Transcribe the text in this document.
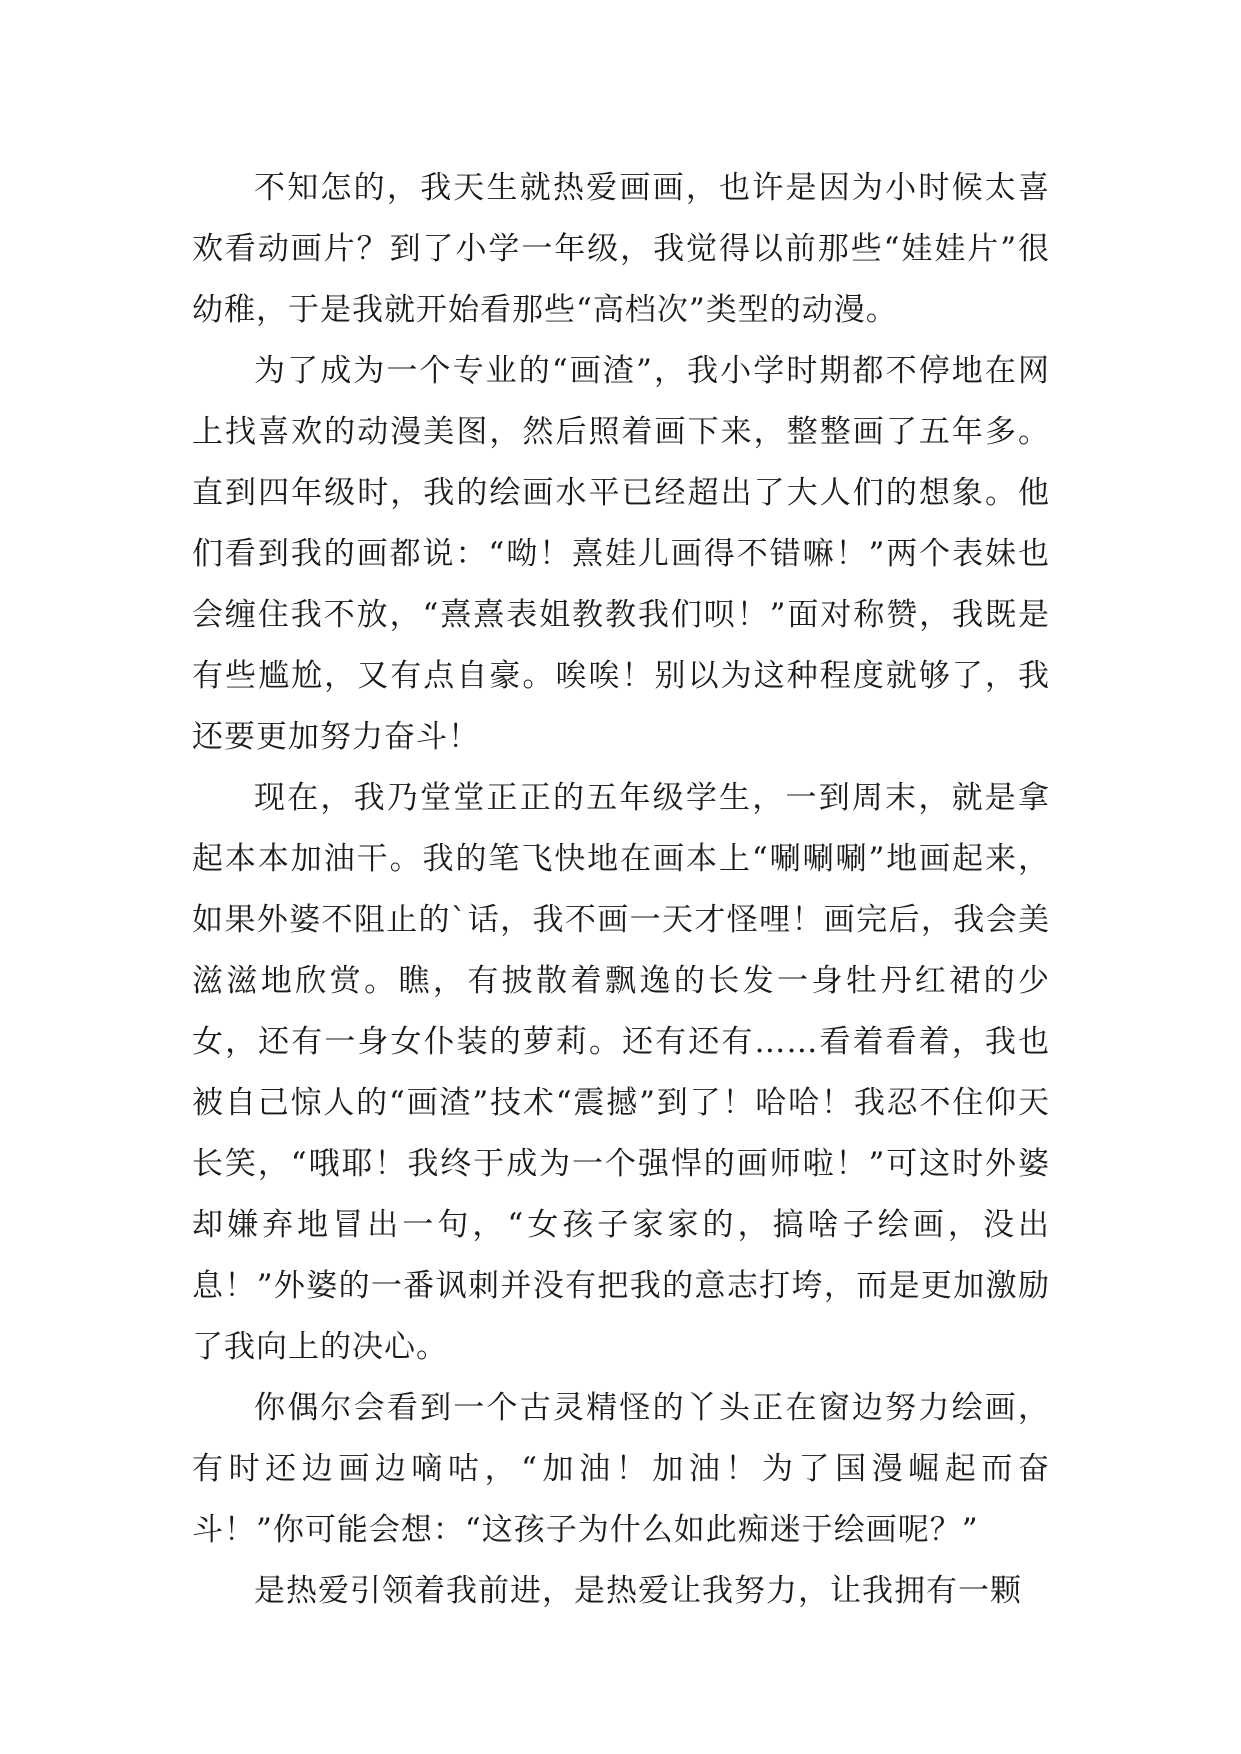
不知怎的，我天生就热爱画画，也许是因为小时候太喜欢看动画片？到了小学一年级，我觉得以前那些“娃娃片”很幼稚，于是我就开始看那些“高档次”类型的动漫。

为了成为一个专业的“画渣”，我小学时期都不停地在网上找喜欢的动漫美图，然后照着画下来，整整画了五年多。直到四年级时，我的绘画水平已经超出了大人们的想象。他们看到我的画都说：“呦！熹娃儿画得不错嘛！”两个表妹也会缠住我不放，“熹熹表姐教教我们呗！”面对称赞，我既是有些尴尬，又有点自豪。唉唉！别以为这种程度就够了，我还要更加努力奋斗！

现在，我乃堂堂正正的五年级学生，一到周末，就是拿起本本加油干。我的笔飞快地在画本上“唰唰唰”地画起来，如果外婆不阻止的`话，我不画一天才怪哩！画完后，我会美滋滋地欣赏。瞧，有披散着飘逸的长发一身牡丹红裙的少女，还有一身女仆装的萝莉。还有还有……看着看着，我也被自己惊人的“画渣”技术“震撼”到了！哈哈！我忍不住仰天长笑，“哦耶！我终于成为一个强悍的画师啦！”可这时外婆却嫌弃地冒出一句，“女孩子家家的，搞啥子绘画，没出息！”外婆的一番讽刺并没有把我的意志打垮，而是更加激励了我向上的决心。

你偶尔会看到一个古灵精怪的丫头正在窗边努力绘画，有时还边画边嘀咕，“加油！加油！为了国漫崛起而奋斗！”你可能会想：“这孩子为什么如此痴迷于绘画呢？”

是热爱引领着我前进，是热爱让我努力，让我拥有一颗
